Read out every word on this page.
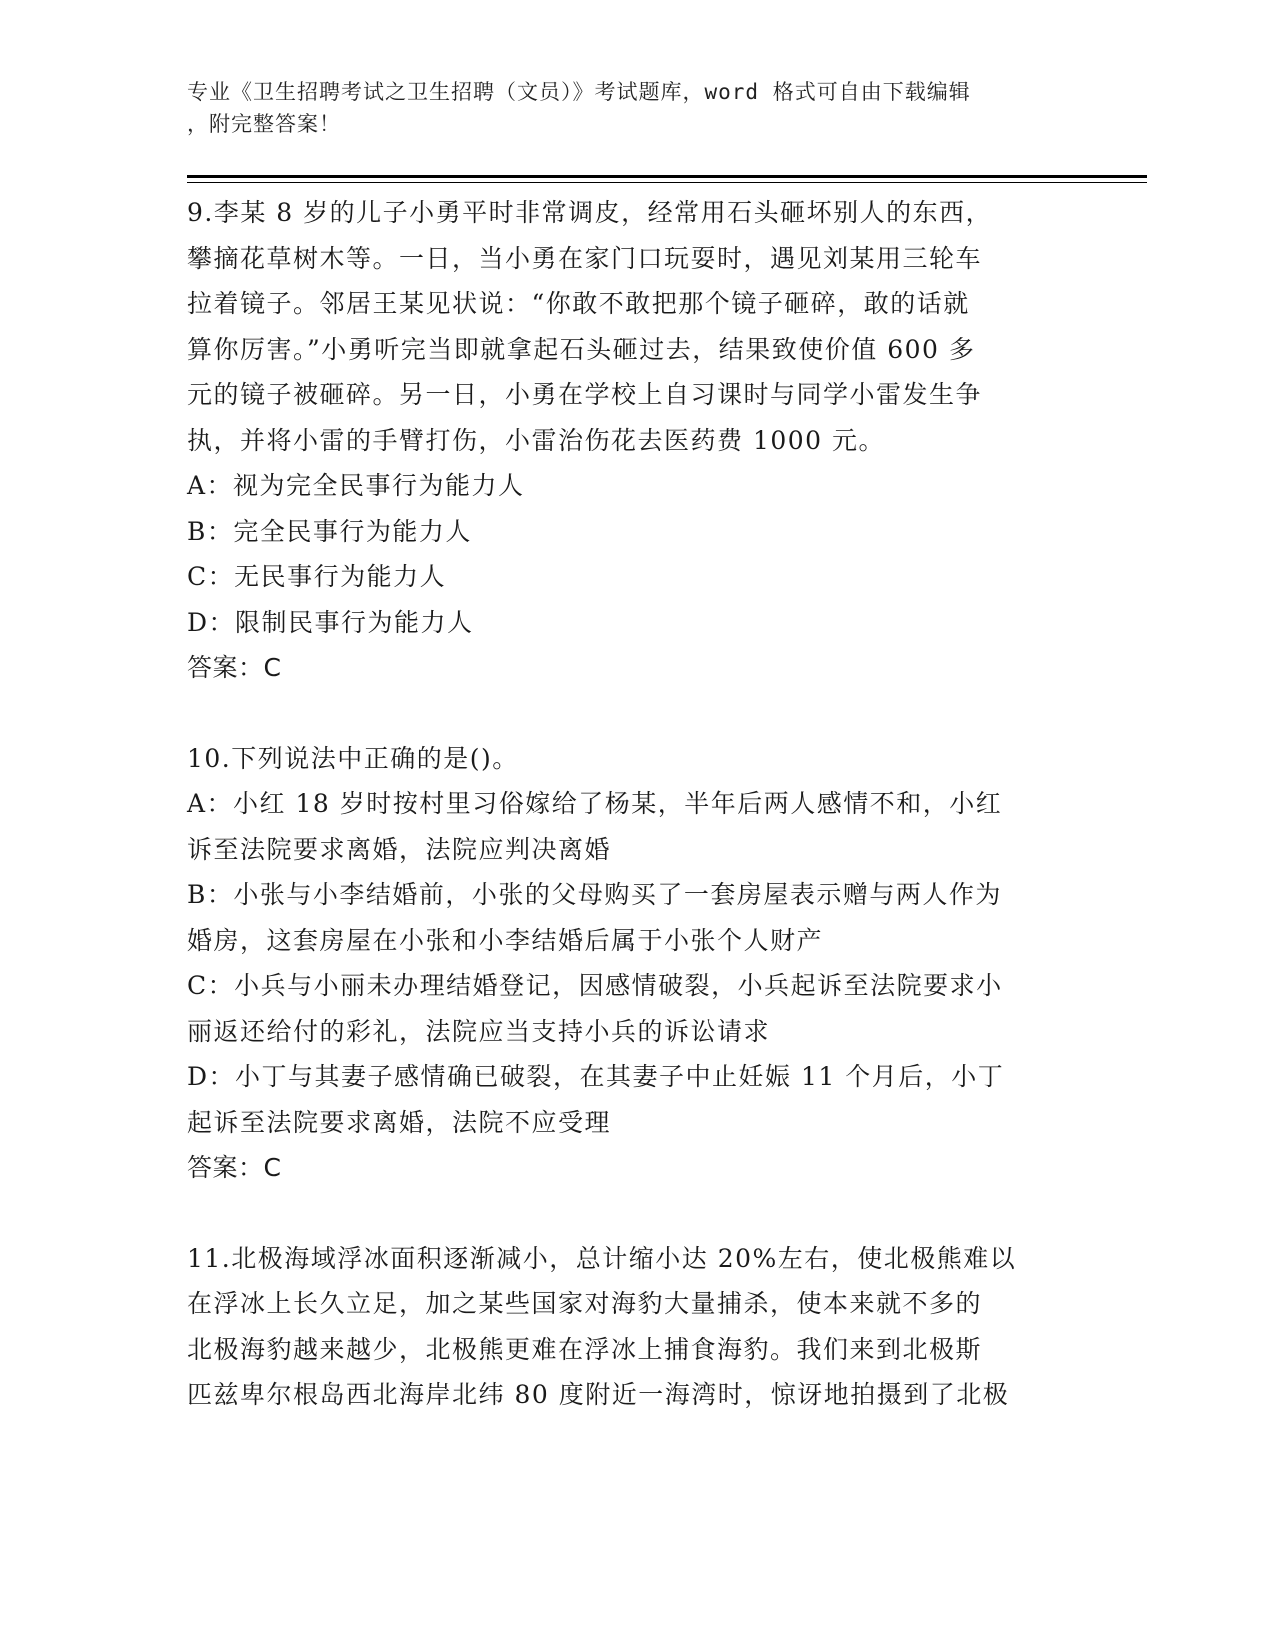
专业《卫生招聘考试之卫生招聘（文员）》考试题库，word 格式可自由下载编辑
，附完整答案！
9.李某 8 岁的儿子小勇平时非常调皮，经常用石头砸坏别人的东西，
攀摘花草树木等。一日，当小勇在家门口玩耍时，遇见刘某用三轮车
拉着镜子。邻居王某见状说：“你敢不敢把那个镜子砸碎，敢的话就
算你厉害。”小勇听完当即就拿起石头砸过去，结果致使价值 600 多
元的镜子被砸碎。另一日，小勇在学校上自习课时与同学小雷发生争
执，并将小雷的手臂打伤，小雷治伤花去医药费 1000 元。
A：视为完全民事行为能力人
B：完全民事行为能力人
C：无民事行为能力人
D：限制民事行为能力人
答案：C
10.下列说法中正确的是()。
A：小红 18 岁时按村里习俗嫁给了杨某，半年后两人感情不和，小红
诉至法院要求离婚，法院应判决离婚
B：小张与小李结婚前，小张的父母购买了一套房屋表示赠与两人作为
婚房，这套房屋在小张和小李结婚后属于小张个人财产
C：小兵与小丽未办理结婚登记，因感情破裂，小兵起诉至法院要求小
丽返还给付的彩礼，法院应当支持小兵的诉讼请求
D：小丁与其妻子感情确已破裂，在其妻子中止妊娠 11 个月后，小丁
起诉至法院要求离婚，法院不应受理
答案：C
11.北极海域浮冰面积逐渐减小，总计缩小达 20%左右，使北极熊难以
在浮冰上长久立足，加之某些国家对海豹大量捕杀，使本来就不多的
北极海豹越来越少，北极熊更难在浮冰上捕食海豹。我们来到北极斯
匹兹卑尔根岛西北海岸北纬 80 度附近一海湾时，惊讶地拍摄到了北极
